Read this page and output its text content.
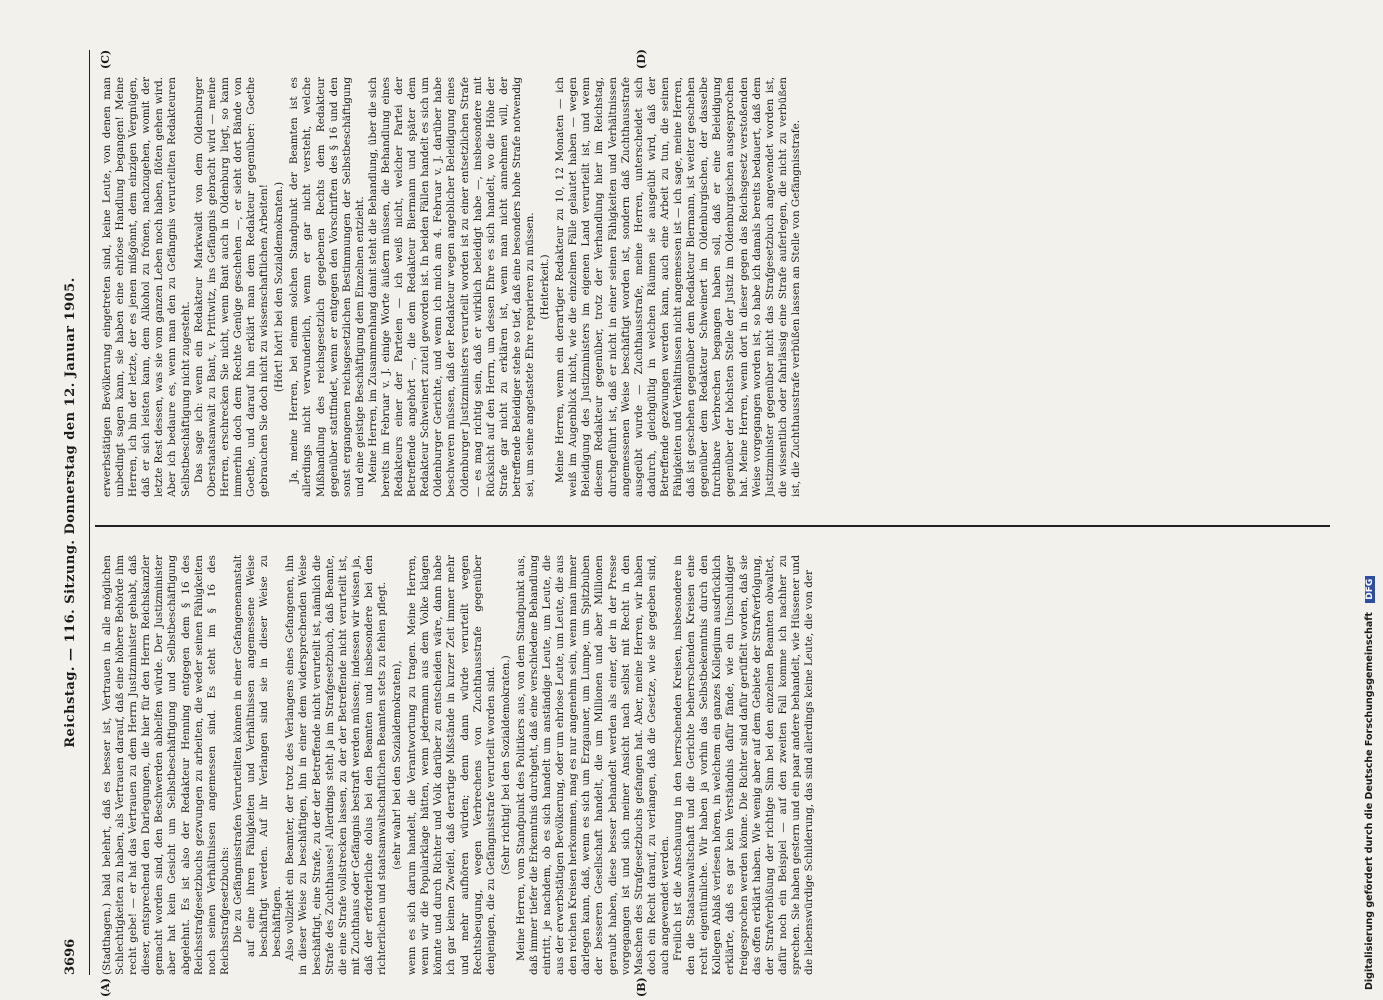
3696
Reichstag. — 116. Sitzung. Donnerstag den 12. Januar 1905.
(A)	(B)
(C)	(D)

(Stadthagen.) bald belehrt, daß es besser ist, Vertrauen in alle möglichen Schlechtigkeiten zu haben, als Vertrauen darauf, daß eine höhere Behörde ihm recht gebe! — er hat das Vertrauen zu dem Herrn Justizminister gehabt, daß dieser, entsprechend den Darlegungen, die hier für den Herrn Reichskanzler gemacht worden sind, den Beschwerden abhelfen würde. Der Justizminister aber hat kein Gesicht um Selbstbeschäftigung und Selbstbeschäftigung abgelehnt. Es ist also der Redakteur Henning entgegen dem § 16 des Reichsstrafgesetzbuchs gezwungen zu arbeiten, die weder seinen Fähigkeiten noch seinen Verhältnissen angemessen sind. Es steht im § 16 des Reichsstrafgesetzbuchs: Die zu Gefängnisstrafen Verurteilten können in einer Gefangenenanstalt auf eine ihren Fähigkeiten und Verhältnissen angemessene Weise beschäftigt werden. Auf ihr Verlangen sind sie in dieser Weise zu beschäftigen. Also vollzieht ein Beamter, der trotz des Verlangens eines Gefangenen, ihn in dieser Weise zu beschäftigen, ihn in einer dem widersprechenden Weise beschäftigt, eine Strafe, zu der der Betreffende nicht verurteilt ist, nämlich die Strafe des Zuchthauses! Allerdings steht ja im Strafgesetzbuch, daß Beamte, die eine Strafe vollstrecken lassen, zu der der Betreffende nicht verurteilt ist, mit Zuchthaus oder Gefängnis bestraft werden müssen; indessen wir wissen ja, daß der erforderliche dolus bei den Beamten und insbesondere bei den richterlichen und staatsanwaltschaftlichen Beamten stets zu fehlen pflegt. (sehr wahr! bei den Sozialdemokraten), wenn es sich darum handelt, die Verantwortung zu tragen. Meine Herren, wenn wir die Popularklage hätten, wenn jedermann aus dem Volke klagen könnte und durch Richter und Volk darüber zu entscheiden wäre, dann habe ich gar keinen Zweifel, daß derartige Mißstände in kurzer Zeit immer mehr und mehr aufhören würden; denn dann würde verurteilt wegen Rechtsbeugung, wegen Verbrechens von Zuchthausstrafe gegenüber denjenigen, die zu Gefängnisstrafe verurteilt worden sind. (Sehr richtig! bei den Sozialdemokraten.) Meine Herren, vom Standpunkt des Politikers aus, von dem Standpunkt aus, daß immer tiefer die Erkenntnis durchgeht, daß eine verschiedene Behandlung eintritt, je nachdem, ob es sich handelt um anständige Leute, um Leute, die aus der erwerbstätigen Bevölkerung, oder um ehrlose Leute, um Leute, die aus den reichen Kreisen herkommen, mag es nur angenehm sein, wenn man immer darlegen kann, daß, wenn es sich um Erzgauner, um Lumpe, um Spitzbuben der besseren Gesellschaft handelt, die um Millionen und aber Millionen geraubt haben, diese besser behandelt werden als einer, der in der Presse vorgegangen ist und sich meiner Ansicht nach selbst mit Recht in den Maschen des Strafgesetzbuchs gefangen hat. Aber, meine Herren, wir haben doch ein Recht darauf, zu verlangen, daß die Gesetze, wie sie gegeben sind, auch angewendet werden. Freilich ist die Anschauung in den herrschenden Kreisen, insbesondere in den die Staatsanwaltschaft und die Gerichte beherrschenden Kreisen eine recht eigentümliche. Wir haben ja vorhin das Selbstbekenntnis durch den Kollegen Ablaß verlesen hören, in welchem ein ganzes Kollegium ausdrücklich erklärte, daß es gar kein Verständnis dafür fände, wie ein Unschuldiger freigesprochen werden könne. Die Richter sind dafür gerüffelt worden, daß sie das offen erklärt haben. Wie wenig aber auf dem Gebiete der Strafverfolgung, der Strafverbüßung der richtige Sinn bei den einzelnen Beamten obwaltet, dafür noch ein Beispiel — auf den zweiten Fall komme ich nachher zu sprechen. Sie haben gestern und ein paar andere behandelt, wie Hüssener und die liebenswürdige Schilderung, das sind allerdings keine Leute, die von der

erwerbstätigen Bevölkerung eingetreten sind, keine Leute, von denen man unbedingt sagen kann, sie haben eine ehrlose Handlung begangen! Meine Herren, ich bin der letzte, der es jenen mißgönnt, dem einzigen Vergnügen, daß er sich leisten kann, dem Alkohol zu frönen, nachzugehen, womit der letzte Rest dessen, was sie vom ganzen Leben noch haben, flöten gehen wird. Aber ich bedaure es, wenn man den zu Gefängnis verurteilten Redakteuren Selbstbeschäftigung nicht zugesteht. Das sage ich: wenn ein Redakteur Markwaldt von dem Oldenburger Oberstaatsanwalt zu Bant, v. Prittwitz, ins Gefängnis gebracht wird — meine Herren, erschrecken Sie nicht, wenn Bant auch in Oldenburg liegt, so kann immerhin doch dem Rechte Genüge geschehen —, er sieht dort Bände von Goethe, und darauf hin erklärt man dem Redakteur gegenüber: Goethe gebrauchen Sie doch nicht zu wissenschaftlichen Arbeiten! (Hört! hört! bei den Sozialdemokraten.) Ja, meine Herren, bei einem solchen Standpunkt der Beamten ist es allerdings nicht verwunderlich, wenn er gar nicht versteht, welche Mißhandlung des reichsgesetzlich gegebenen Rechts dem Redakteur gegenüber stattfindet, wenn er entgegen den Vorschriften des § 16 und den sonst ergangenen reichsgesetzlichen Bestimmungen der Selbstbeschäftigung und eine geistige Beschäftigung dem Einzelnen entzieht. Meine Herren, im Zusammenhang damit steht die Behandlung, über die sich bereits im Februar v. J. einige Worte äußern müssen, die Behandlung eines Redakteurs einer der Parteien — ich weiß nicht, welcher Partei der Betreffende angehört —, die dem Redakteur Biermann und später dem Redakteur Schweinert zuteil geworden ist. In beiden Fällen handelt es sich um Oldenburger Gerichte, und wenn ich mich am 4. Februar v. J. darüber habe beschweren müssen, daß der Redakteur wegen angeblicher Beleidigung eines Oldenburger Justizministers verurteilt worden ist zu einer entsetzlichen Strafe — es mag richtig sein, daß er wirklich beleidigt habe —, insbesondere mit Rücksicht auf den Herrn, um dessen Ehre es sich handelt, wo die Höhe der Strafe gar nicht zu erklären ist, wenn man nicht annehmen will, der betreffende Beleidiger stehe so tief, daß eine besonders hohe Strafe notwendig sei, um seine angetastete Ehre reparieren zu müssen. (Heiterkeit.) Meine Herren, wenn ein derartiger Redakteur zu 10, 12 Monaten — ich weiß im Augenblick nicht, wie die einzelnen Fälle gelautet haben — wegen Beleidigung des Justizministers im eigenen Land verurteilt ist, und wenn diesem Redakteur gegenüber, trotz der Verhandlung hier im Reichstag, durchgeführt ist, daß er nicht in einer seinen Fähigkeiten und Verhältnissen angemessenen Weise beschäftigt worden ist, sondern daß Zuchthausstrafe ausgeübt wurde — Zuchthausstrafe, meine Herren, unterscheidet sich dadurch, gleichgültig in welchen Räumen sie ausgeübt wird, daß der Betreffende gezwungen werden kann, auch eine Arbeit zu tun, die seinen Fähigkeiten und Verhältnissen nicht angemessen ist — ich sage, meine Herren, daß ist geschehen gegenüber dem Redakteur Biermann, ist weiter geschehen gegenüber dem Redakteur Schweinert im Oldenburgischen, der dasselbe furchtbare Verbrechen begangen haben soll, daß er eine Beleidigung gegenüber der höchsten Stelle der Justiz im Oldenburgischen ausgesprochen hat. Meine Herren, wenn dort in dieser gegen das Reichsgesetz verstoßenden Weise vorgegangen worden ist, so habe ich damals bereits bedauert, daß dem Justizminister gegenüber nicht das Strafgesetzbuch angewendet worden ist, die wissentlich oder fahrlässig eine Strafe auferlegen, die nicht zu verbüßen ist, die Zuchthausstrafe verbüßen lassen an Stelle von Gefängnisstrafe.

Digitalisierung gefördert durch die Deutsche Forschungsgemeinschaft DFG
